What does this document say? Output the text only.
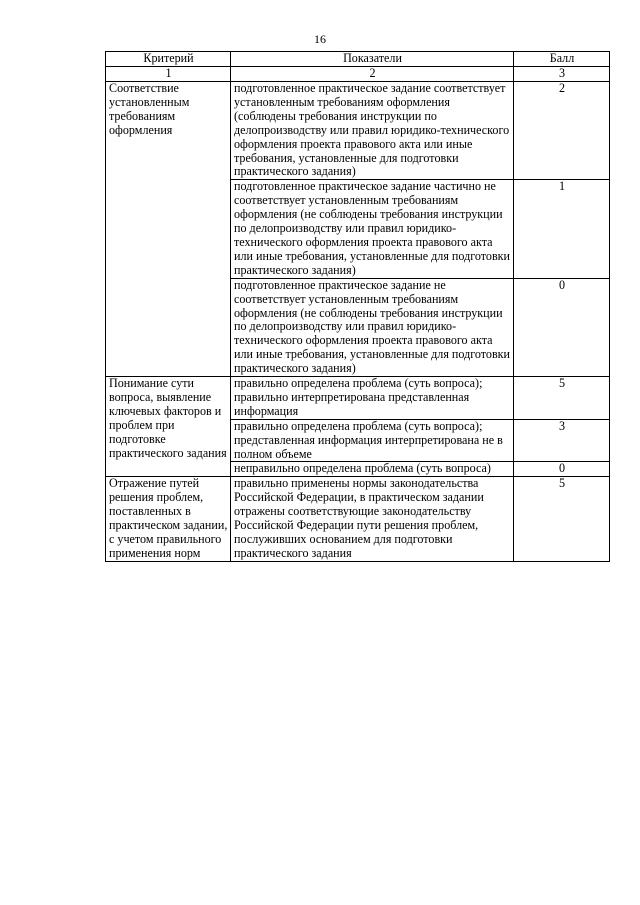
16
Критерий	Показатели	Балл
1	2	3
Соответствие установленным требованиям оформления	подготовленное практическое задание соответствует установленным требованиям оформления (соблюдены требования инструкции по делопроизводству или правил юридико-технического оформления проекта правового акта или иные требования, установленные для подготовки практического задания)	2
	подготовленное практическое задание частично не соответствует установленным требованиям оформления (не соблюдены требования инструкции по делопроизводству или правил юридико-технического оформления проекта правового акта или иные требования, установленные для подготовки практического задания)	1
	подготовленное практическое задание не соответствует установленным требованиям оформления (не соблюдены требования инструкции по делопроизводству или правил юридико-технического оформления проекта правового акта или иные требования, установленные для подготовки практического задания)	0
Понимание сути вопроса, выявление ключевых факторов и проблем при подготовке практического задания	правильно определена проблема (суть вопроса); правильно интерпретирована представленная информация	5
	правильно определена проблема (суть вопроса); представленная информация интерпретирована не в полном объеме	3
	неправильно определена проблема (суть вопроса)	0
Отражение путей решения проблем, поставленных в практическом задании, с учетом правильного применения норм	правильно применены нормы законодательства Российской Федерации, в практическом задании отражены соответствующие законодательству Российской Федерации пути решения проблем, послуживших основанием для подготовки практического задания	5
